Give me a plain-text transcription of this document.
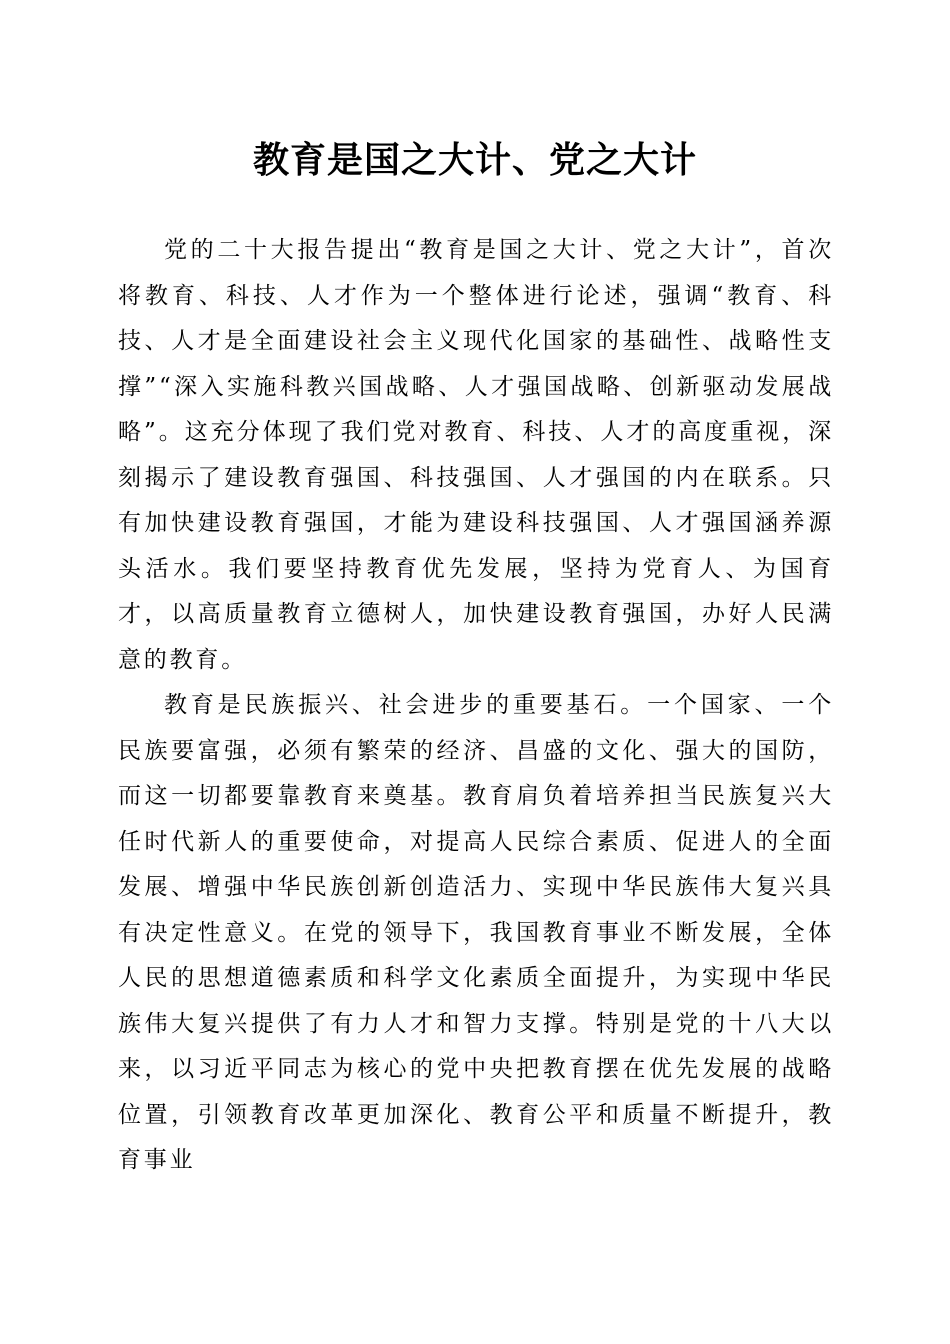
教育是国之大计、党之大计

党的二十大报告提出“教育是国之大计、党之大计”，首次将教育、科技、人才作为一个整体进行论述，强调“教育、科技、人才是全面建设社会主义现代化国家的基础性、战略性支撑”“深入实施科教兴国战略、人才强国战略、创新驱动发展战略”。这充分体现了我们党对教育、科技、人才的高度重视，深刻揭示了建设教育强国、科技强国、人才强国的内在联系。只有加快建设教育强国，才能为建设科技强国、人才强国涵养源头活水。我们要坚持教育优先发展，坚持为党育人、为国育才，以高质量教育立德树人，加快建设教育强国，办好人民满意的教育。

教育是民族振兴、社会进步的重要基石。一个国家、一个民族要富强，必须有繁荣的经济、昌盛的文化、强大的国防，而这一切都要靠教育来奠基。教育肩负着培养担当民族复兴大任时代新人的重要使命，对提高人民综合素质、促进人的全面发展、增强中华民族创新创造活力、实现中华民族伟大复兴具有决定性意义。在党的领导下，我国教育事业不断发展，全体人民的思想道德素质和科学文化素质全面提升，为实现中华民族伟大复兴提供了有力人才和智力支撑。特别是党的十八大以来，以习近平同志为核心的党中央把教育摆在优先发展的战略位置，引领教育改革更加深化、教育公平和质量不断提升，教育事业
